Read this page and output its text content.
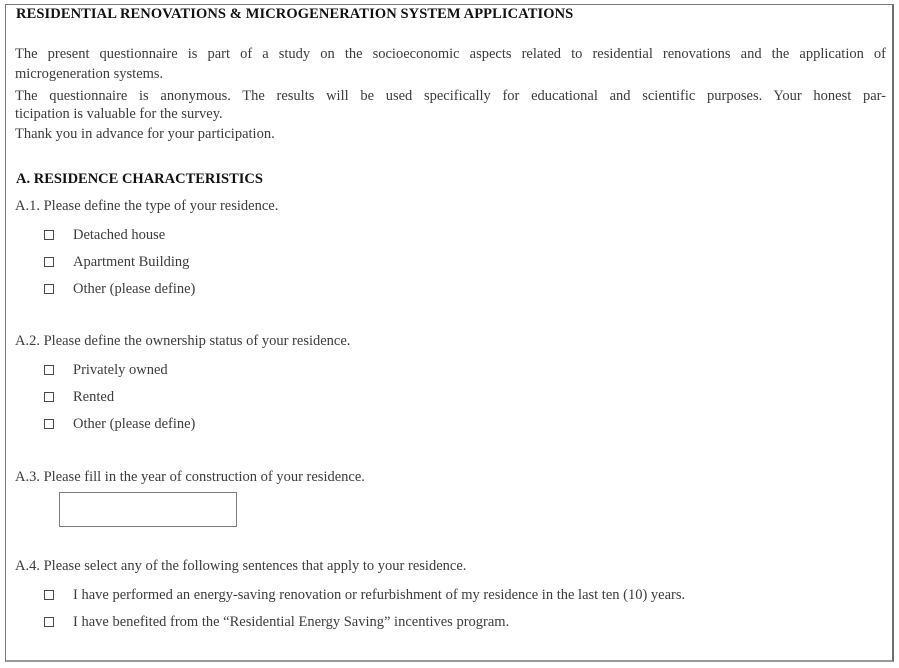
RESIDENTIAL RENOVATIONS & MICROGENERATION SYSTEM APPLICATIONS
The present questionnaire is part of a study on the socioeconomic aspects related to residential renovations and the application of
microgeneration systems.
The questionnaire is anonymous. The results will be used specifically for educational and scientific purposes. Your honest par-
ticipation is valuable for the survey.
Thank you in advance for your participation.
A. RESIDENCE CHARACTERISTICS
A.1. Please define the type of your residence.
Detached house
Apartment Building
Other (please define)
A.2. Please define the ownership status of your residence.
Privately owned
Rented
Other (please define)
A.3. Please fill in the year of construction of your residence.
A.4. Please select any of the following sentences that apply to your residence.
I have performed an energy-saving renovation or refurbishment of my residence in the last ten (10) years.
I have benefited from the “Residential Energy Saving” incentives program.
